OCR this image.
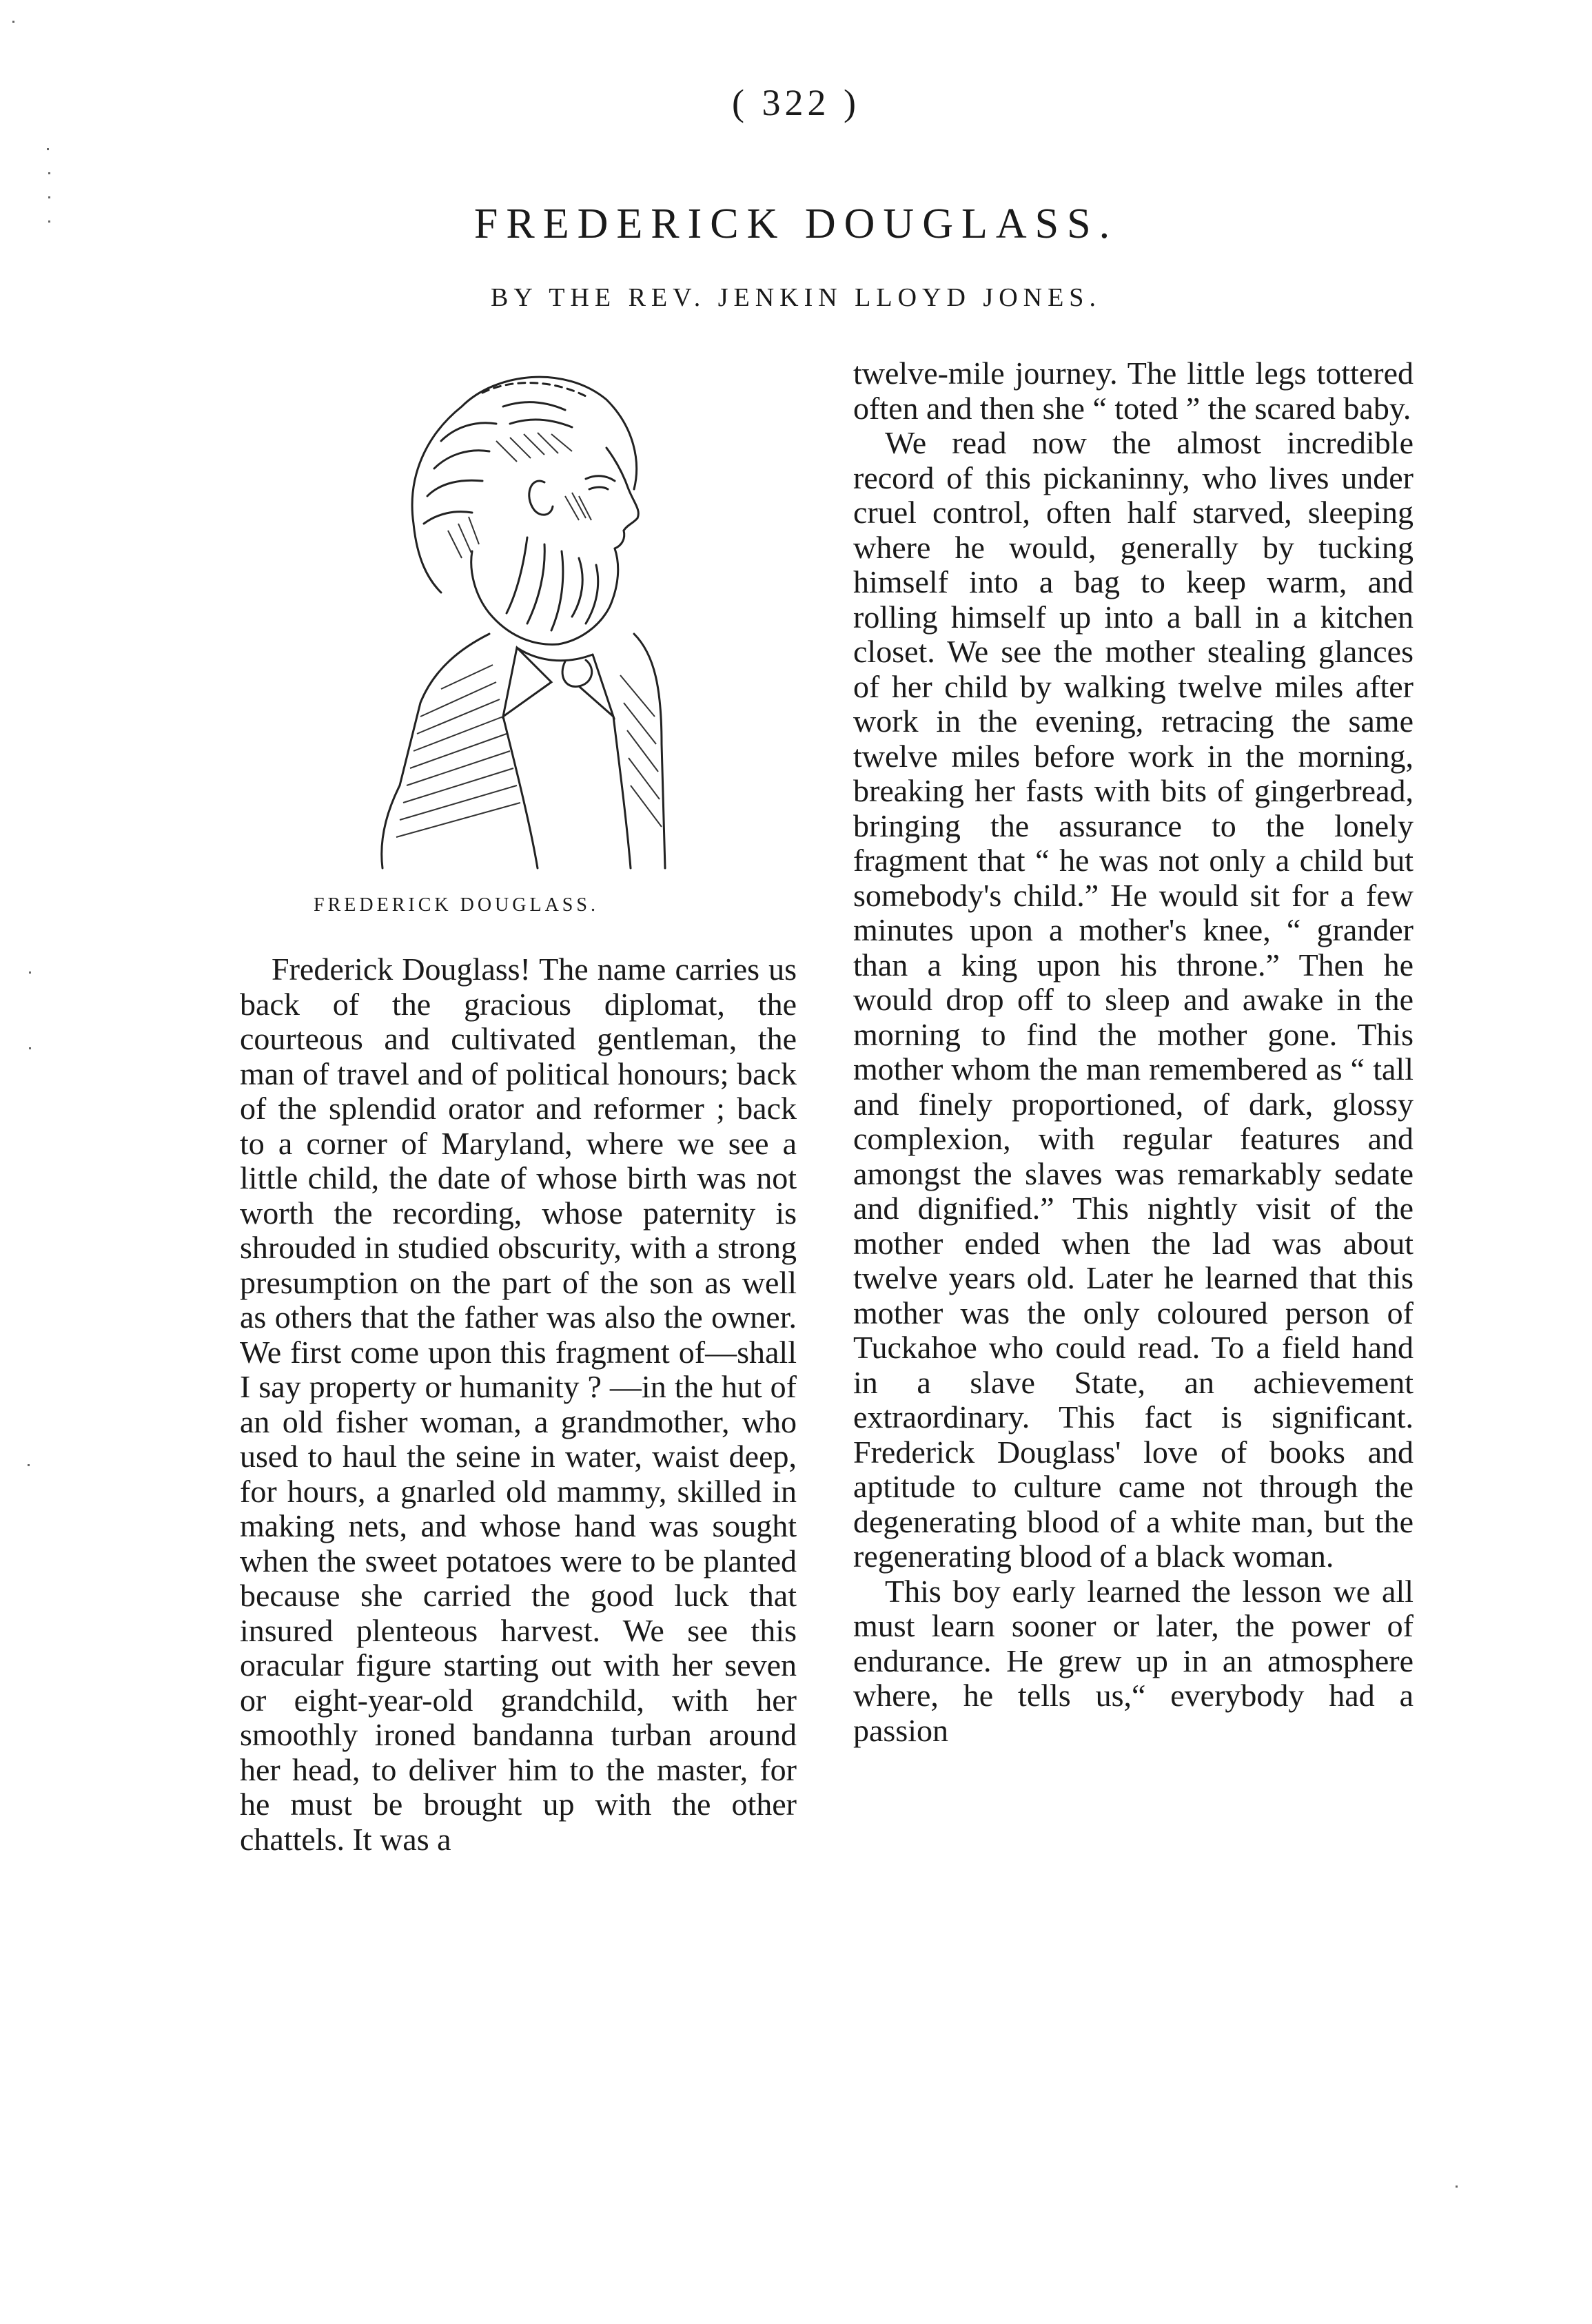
( 322 )
FREDERICK DOUGLASS.
BY THE REV. JENKIN LLOYD JONES.
FREDERICK DOUGLASS.

Frederick Douglass! The name carries us back of the gracious diplomat, the courteous and cultivated gentleman, the man of travel and of political honours; back of the splendid orator and reformer ; back to a corner of Maryland, where we see a little child, the date of whose birth was not worth the recording, whose paternity is shrouded in studied obscurity, with a strong presumption on the part of the son as well as others that the father was also the owner. We first come upon this fragment of—shall I say property or humanity ? —in the hut of an old fisher woman, a grandmother, who used to haul the seine in water, waist deep, for hours, a gnarled old mammy, skilled in making nets, and whose hand was sought when the sweet potatoes were to be planted because she carried the good luck that insured plenteous harvest. We see this oracular figure starting out with her seven or eight-year-old grandchild, with her smoothly ironed bandanna turban around her head, to deliver him to the master, for he must be brought up with the other chattels. It was a

twelve-mile journey. The little legs tottered often and then she “ toted ” the scared baby.

We read now the almost incredible record of this pickaninny, who lives under cruel control, often half starved, sleeping where he would, generally by tucking himself into a bag to keep warm, and rolling himself up into a ball in a kitchen closet. We see the mother stealing glances of her child by walking twelve miles after work in the evening, retracing the same twelve miles before work in the morning, breaking her fasts with bits of gingerbread, bringing the assurance to the lonely fragment that “ he was not only a child but somebody's child.” He would sit for a few minutes upon a mother's knee, “ grander than a king upon his throne.” Then he would drop off to sleep and awake in the morning to find the mother gone. This mother whom the man remembered as “ tall and finely proportioned, of dark, glossy complexion, with regular features and amongst the slaves was remarkably sedate and dignified.” This nightly visit of the mother ended when the lad was about twelve years old. Later he learned that this mother was the only coloured person of Tuckahoe who could read. To a field hand in a slave State, an achievement extraordinary. This fact is significant. Frederick Douglass' love of books and aptitude to culture came not through the degenerating blood of a white man, but the regenerating blood of a black woman.

This boy early learned the lesson we all must learn sooner or later, the power of endurance. He grew up in an atmosphere where, he tells us,“ everybody had a passion
